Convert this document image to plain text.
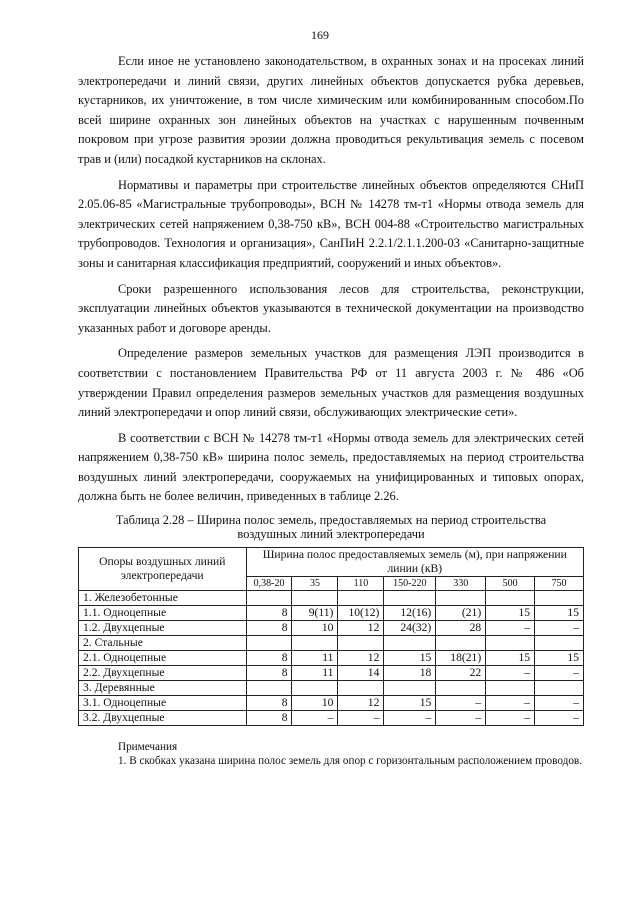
169

Если иное не установлено законодательством, в охранных зонах и на просеках линий электропередачи и линий связи, других линейных объектов допускается рубка деревьев, кустарников, их уничтожение, в том числе химическим или комбинированным способом.По всей ширине охранных зон линейных объектов на участках с нарушенным почвенным покровом при угрозе развития эрозии должна проводиться рекультивация земель с посевом трав и (или) посадкой кустарников на склонах.

Нормативы и параметры при строительстве линейных объектов определяются СНиП 2.05.06-85 «Магистральные трубопроводы», ВСН № 14278 тм-т1 «Нормы отвода земель для электрических сетей напряжением 0,38-750 кВ», ВСН 004-88 «Строительство магистральных трубопроводов. Технология и организация», СанПиН 2.2.1/2.1.1.200-03 «Санитарно-защитные зоны и санитарная классификация предприятий, сооружений и иных объектов».

Сроки разрешенного использования лесов для строительства, реконструкции, эксплуатации линейных объектов указываются в технической документации на производство указанных работ и договоре аренды.

Определение размеров земельных участков для размещения ЛЭП производится в соответствии с постановлением Правительства РФ от 11 августа 2003 г. № 486 «Об утверждении Правил определения размеров земельных участков для размещения воздушных линий электропередачи и опор линий связи, обслуживающих электрические сети».

В соответствии с ВСН № 14278 тм-т1 «Нормы отвода земель для электрических сетей напряжением 0,38-750 кВ» ширина полос земель, предоставляемых на период строительства воздушных линий электропередачи, сооружаемых на унифицированных и типовых опорах, должна быть не более величин, приведенных в таблице 2.26.

Таблица 2.28 – Ширина полос земель, предоставляемых на период строительства

воздушных линий электропередачи

Опоры воздушных линий электропередачи	Ширина полос предоставляемых земель (м), при напряжении линии (кВ)						
	0,38-20	35	110	150-220	330	500	750
1. Железобетонные							
1.1. Одноцепные	8	9(11)	10(12)	12(16)	(21)	15	15
1.2. Двухцепные	8	10	12	24(32)	28	–	–
2. Стальные							
2.1. Одноцепные	8	11	12	15	18(21)	15	15
2.2. Двухцепные	8	11	14	18	22	–	–
3. Деревянные							
3.1. Одноцепные	8	10	12	15	–	–	–
3.2. Двухцепные	8	–	–	–	–	–	–
Примечания
1. В скобках указана ширина полос земель для опор с горизонтальным расположением проводов.
